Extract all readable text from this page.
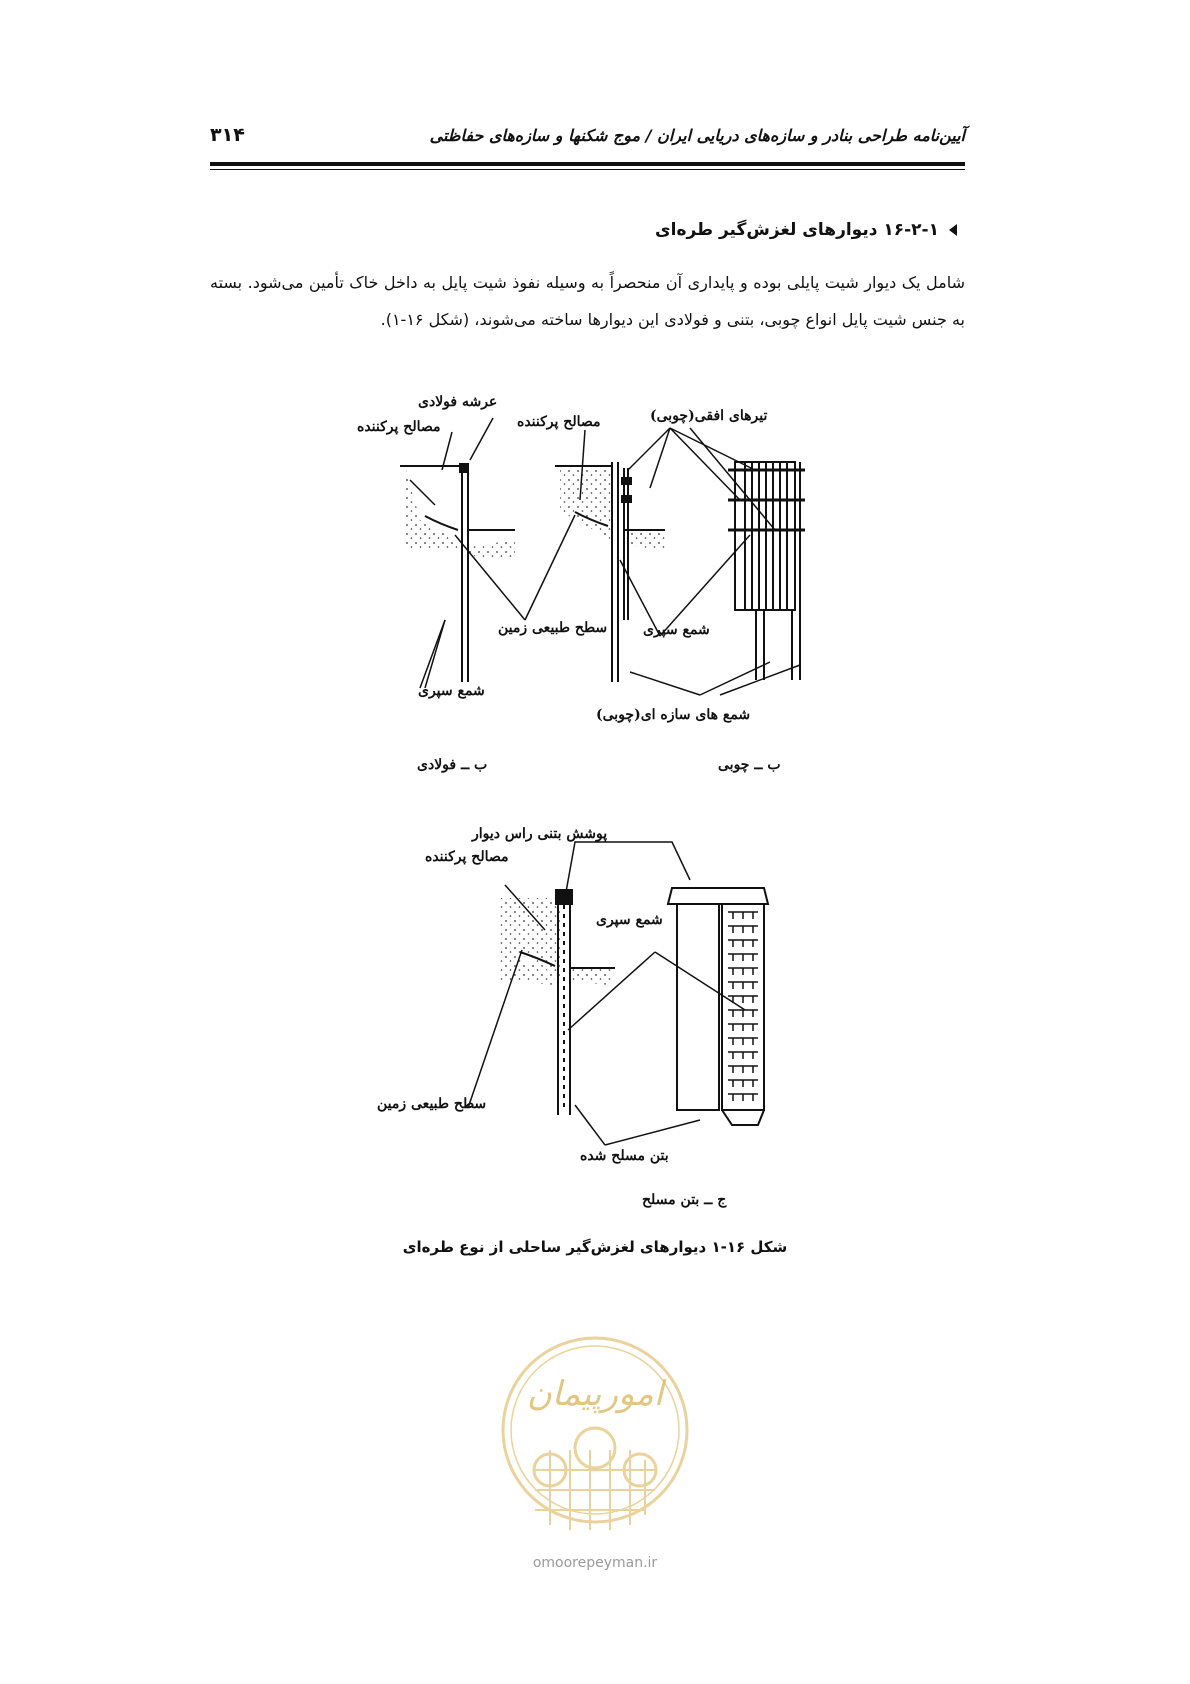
۳۱۴	آیین‌نامه طراحی بنادر و سازه‌های دریایی ایران / موج شکنها و سازه‌های حفاظتی
۱۶-۲-۱ دیوارهای لغزش‌گیر طره‌ای
شامل یک دیوار شیت پایلی بوده و پایداری آن منحصراً به وسیله نفوذ شیت پایل به داخل خاک تأمین می‌شود. بسته به جنس شیت پایل انواع چوبی، بتنی و فولادی این دیوارها ساخته می‌شوند، (شکل ۱۶-۱).
عرشه فولادی
مصالح پرکننده	مصالح پرکننده	تیرهای افقی(چوبی)
سطح طبیعی زمین	شمع سپری
شمع سپری
شمع های سازه ای(چوبی)
ب ــ فولادی	ب ــ چوبی
پوشش بتنی راس دیوار
مصالح پرکننده
شمع سپری
سطح طبیعی زمین
بتن مسلح شده
ج ــ بتن مسلح
شکل ۱۶-۱ دیوارهای لغزش‌گیر ساحلی از نوع طره‌ای
امورپیمان
omoorepeyman.ir
